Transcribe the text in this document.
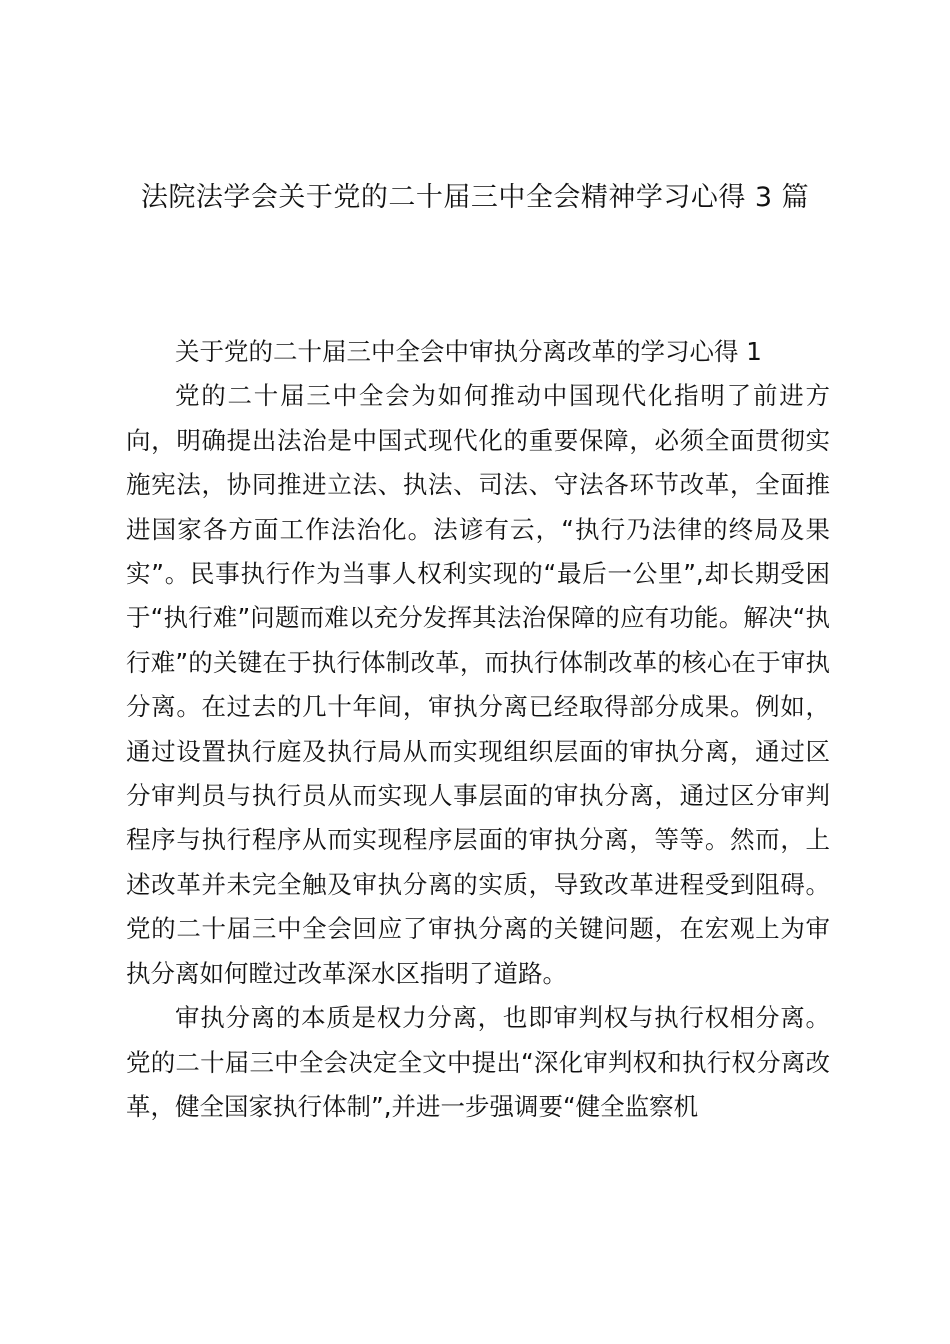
法院法学会关于党的二十届三中全会精神学习心得 3 篇

关于党的二十届三中全会中审执分离改革的学习心得 1

党的二十届三中全会为如何推动中国现代化指明了前进方向，明确提出法治是中国式现代化的重要保障，必须全面贯彻实施宪法，协同推进立法、执法、司法、守法各环节改革，全面推进国家各方面工作法治化。法谚有云，“执行乃法律的终局及果实”。民事执行作为当事人权利实现的“最后一公里”,却长期受困于“执行难”问题而难以充分发挥其法治保障的应有功能。解决“执行难”的关键在于执行体制改革，而执行体制改革的核心在于审执分离。在过去的几十年间，审执分离已经取得部分成果。例如，通过设置执行庭及执行局从而实现组织层面的审执分离，通过区分审判员与执行员从而实现人事层面的审执分离，通过区分审判程序与执行程序从而实现程序层面的审执分离，等等。然而，上述改革并未完全触及审执分离的实质，导致改革进程受到阻碍。党的二十届三中全会回应了审执分离的关键问题，在宏观上为审执分离如何瞠过改革深水区指明了道路。

审执分离的本质是权力分离，也即审判权与执行权相分离。党的二十届三中全会决定全文中提出“深化审判权和执行权分离改革，健全国家执行体制”,并进一步强调要“健全监察机
